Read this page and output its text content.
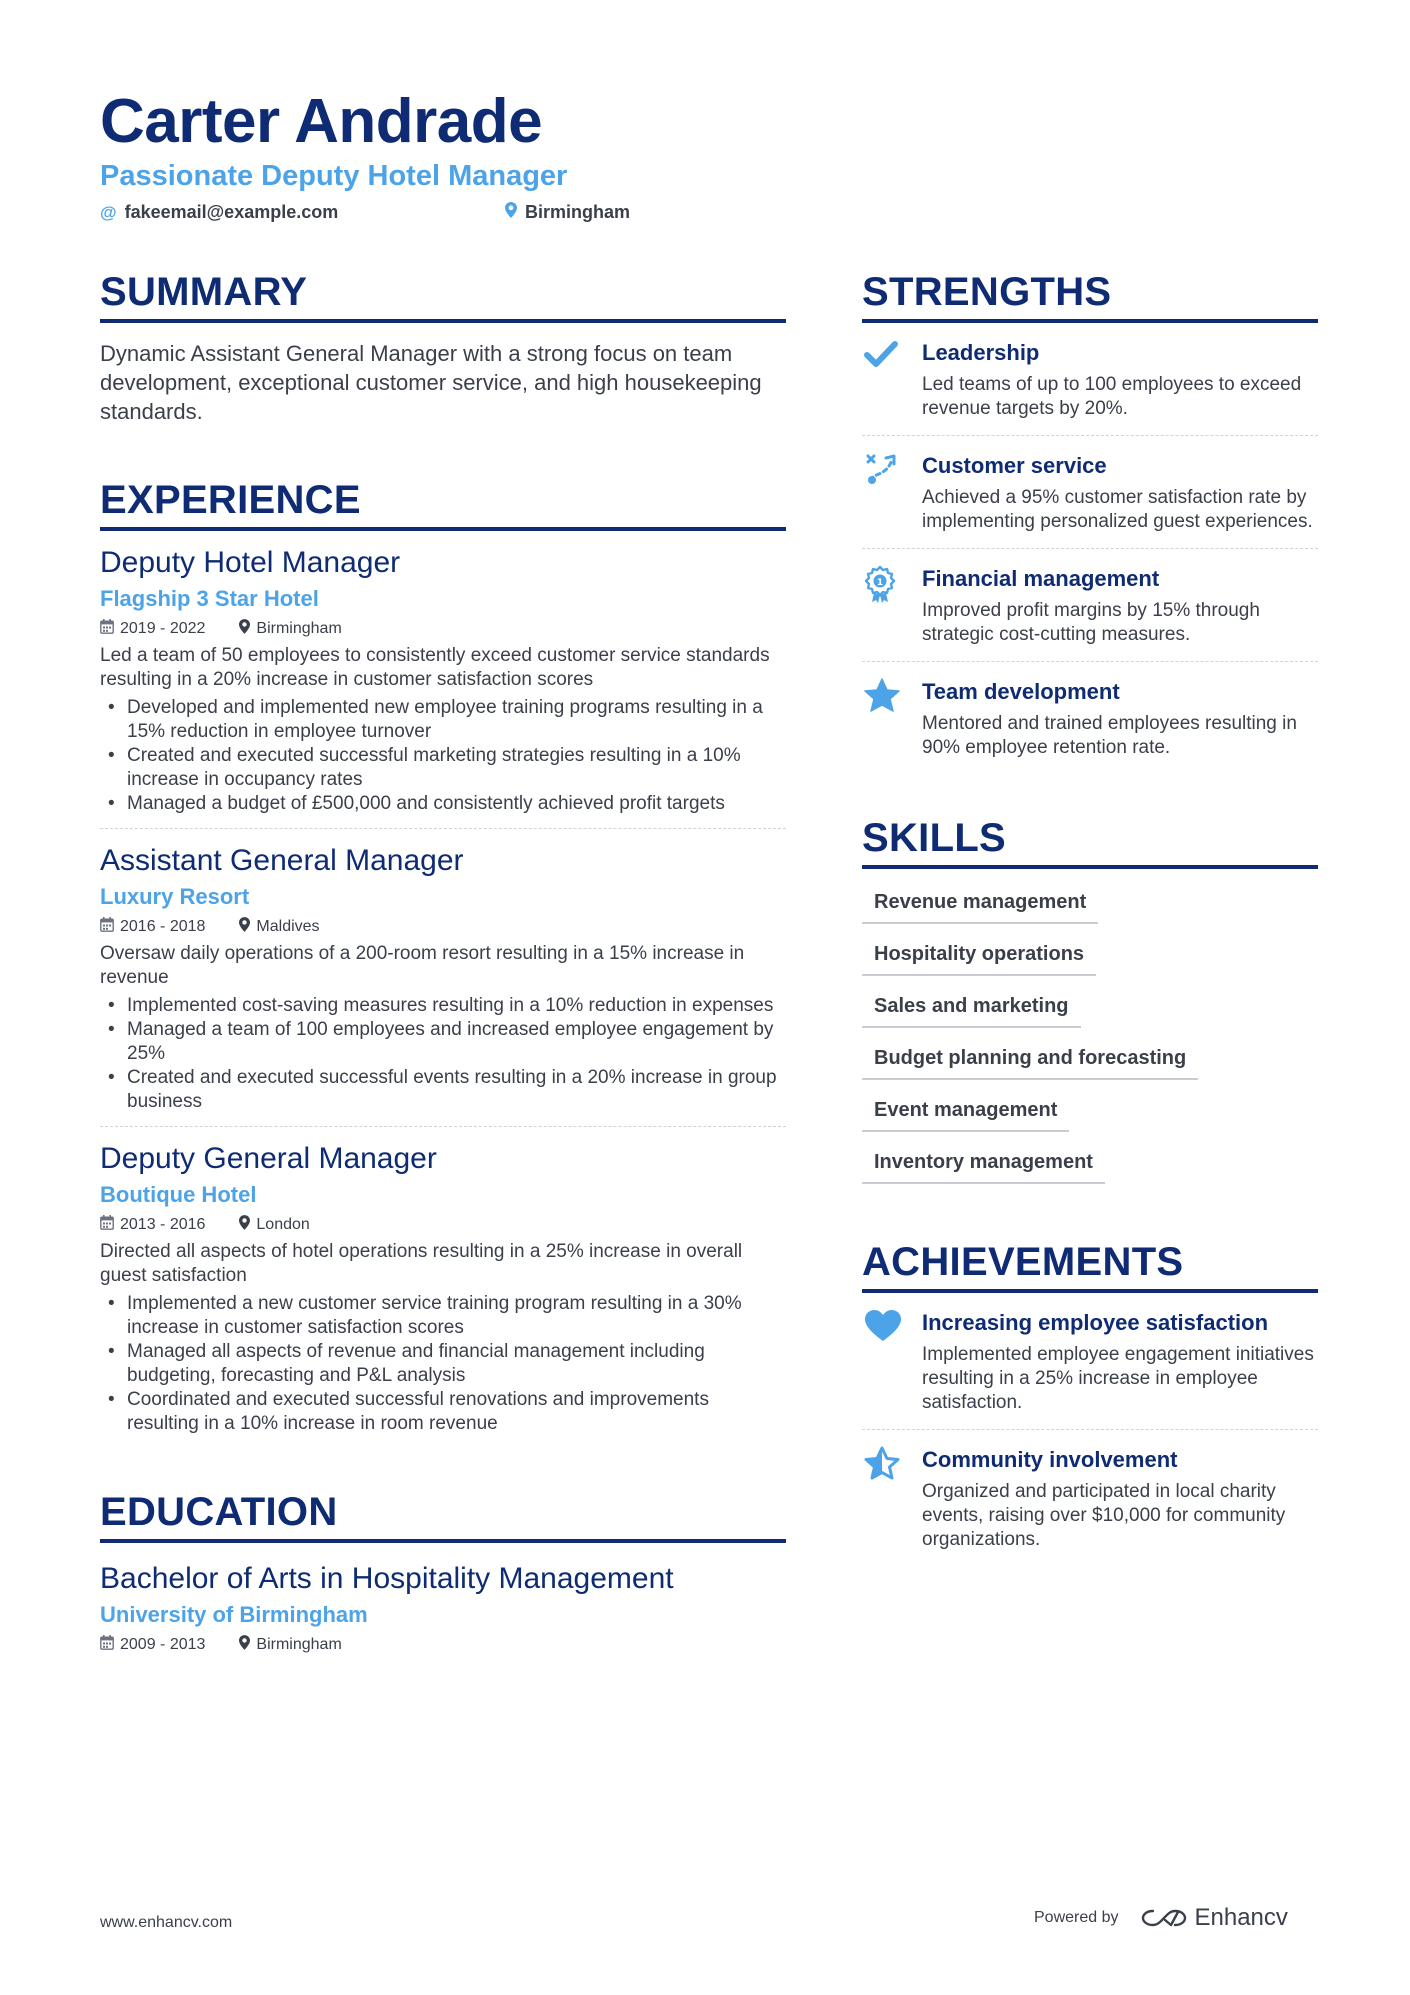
Carter Andrade
Passionate Deputy Hotel Manager
@ fakeemail@example.com	Birmingham
SUMMARY

Dynamic Assistant General Manager with a strong focus on team development, exceptional customer service, and high housekeeping standards.

EXPERIENCE
Deputy Hotel Manager
Flagship 3 Star Hotel
2019 - 2022	Birmingham
Led a team of 50 employees to consistently exceed customer service standards resulting in a 20% increase in customer satisfaction scores
• Developed and implemented new employee training programs resulting in a 15% reduction in employee turnover
• Created and executed successful marketing strategies resulting in a 10% increase in occupancy rates
• Managed a budget of £500,000 and consistently achieved profit targets
Assistant General Manager
Luxury Resort
2016 - 2018	Maldives
Oversaw daily operations of a 200-room resort resulting in a 15% increase in revenue
• Implemented cost-saving measures resulting in a 10% reduction in expenses
• Managed a team of 100 employees and increased employee engagement by 25%
• Created and executed successful events resulting in a 20% increase in group business
Deputy General Manager
Boutique Hotel
2013 - 2016	London
Directed all aspects of hotel operations resulting in a 25% increase in overall guest satisfaction
• Implemented a new customer service training program resulting in a 30% increase in customer satisfaction scores
• Managed all aspects of revenue and financial management including budgeting, forecasting and P&L analysis
• Coordinated and executed successful renovations and improvements resulting in a 10% increase in room revenue
EDUCATION
Bachelor of Arts in Hospitality Management
University of Birmingham
2009 - 2013	Birmingham
STRENGTHS
Leadership
Led teams of up to 100 employees to exceed revenue targets by 20%.
Customer service
Achieved a 95% customer satisfaction rate by implementing personalized guest experiences.
1 Financial management
Improved profit margins by 15% through strategic cost-cutting measures.
Team development
Mentored and trained employees resulting in 90% employee retention rate.
SKILLS
Revenue management
Hospitality operations
Sales and marketing
Budget planning and forecasting
Event management
Inventory management
ACHIEVEMENTS
Increasing employee satisfaction
Implemented employee engagement initiatives resulting in a 25% increase in employee satisfaction.
Community involvement
Organized and participated in local charity events, raising over $10,000 for community organizations.
www.enhancv.com	Powered by	Enhancv
